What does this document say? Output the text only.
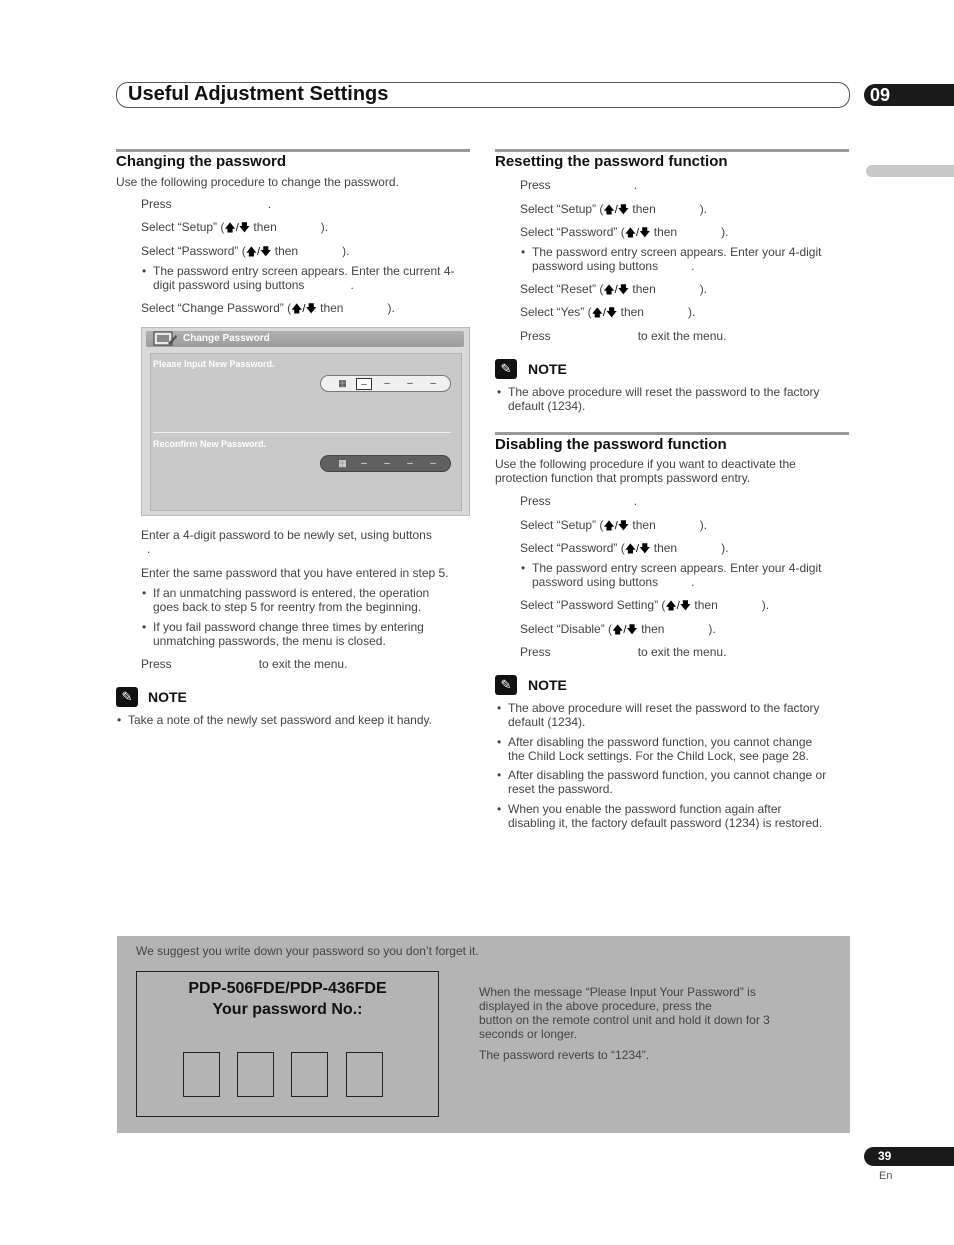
Useful Adjustment Settings	09
Changing the password
Use the following procedure to change the password.
Press	.
Select “Setup” (🡅/🡇 then	).
Select “Password” (🡅/🡇 then	).
• The password entry screen appears. Enter the current 4-
digit password using buttons	.
Select “Change Password” (🡅/🡇 then	).
Change Password
Please Input New Password.
▦	–	–	–	–
Reconfirm New Password.
▦	–	–	–	–
Enter a 4-digit password to be newly set, using buttons
.
Enter the same password that you have entered in step 5.
• If an unmatching password is entered, the operation
goes back to step 5 for reentry from the beginning.
• If you fail password change three times by entering
unmatching passwords, the menu is closed.
Press	to exit the menu.
✎	NOTE
• Take a note of the newly set password and keep it handy.
Resetting the password function
Press	.
Select “Setup” (🡅/🡇 then	).
Select “Password” (🡅/🡇 then	).
• The password entry screen appears. Enter your 4-digit
password using buttons	.
Select “Reset” (🡅/🡇 then	).
Select “Yes” (🡅/🡇 then	).
Press	to exit the menu.
✎	NOTE
• The above procedure will reset the password to the factory
default (1234).
Disabling the password function
Use the following procedure if you want to deactivate the
protection function that prompts password entry.
Press	.
Select “Setup” (🡅/🡇 then	).
Select “Password” (🡅/🡇 then	).
• The password entry screen appears. Enter your 4-digit
password using buttons	.
Select “Password Setting” (🡅/🡇 then	).
Select “Disable” (🡅/🡇 then	).
Press	to exit the menu.
✎	NOTE
• The above procedure will reset the password to the factory
default (1234).
• After disabling the password function, you cannot change
the Child Lock settings. For the Child Lock, see page 28.
• After disabling the password function, you cannot change or
reset the password.
• When you enable the password function again after
disabling it, the factory default password (1234) is restored.
We suggest you write down your password so you don’t forget it.
PDP-506FDE/PDP-436FDE
Your password No.:
When the message “Please Input Your Password” is
displayed in the above procedure, press the
button on the remote control unit and hold it down for 3
seconds or longer.
The password reverts to “1234”.
39
En
